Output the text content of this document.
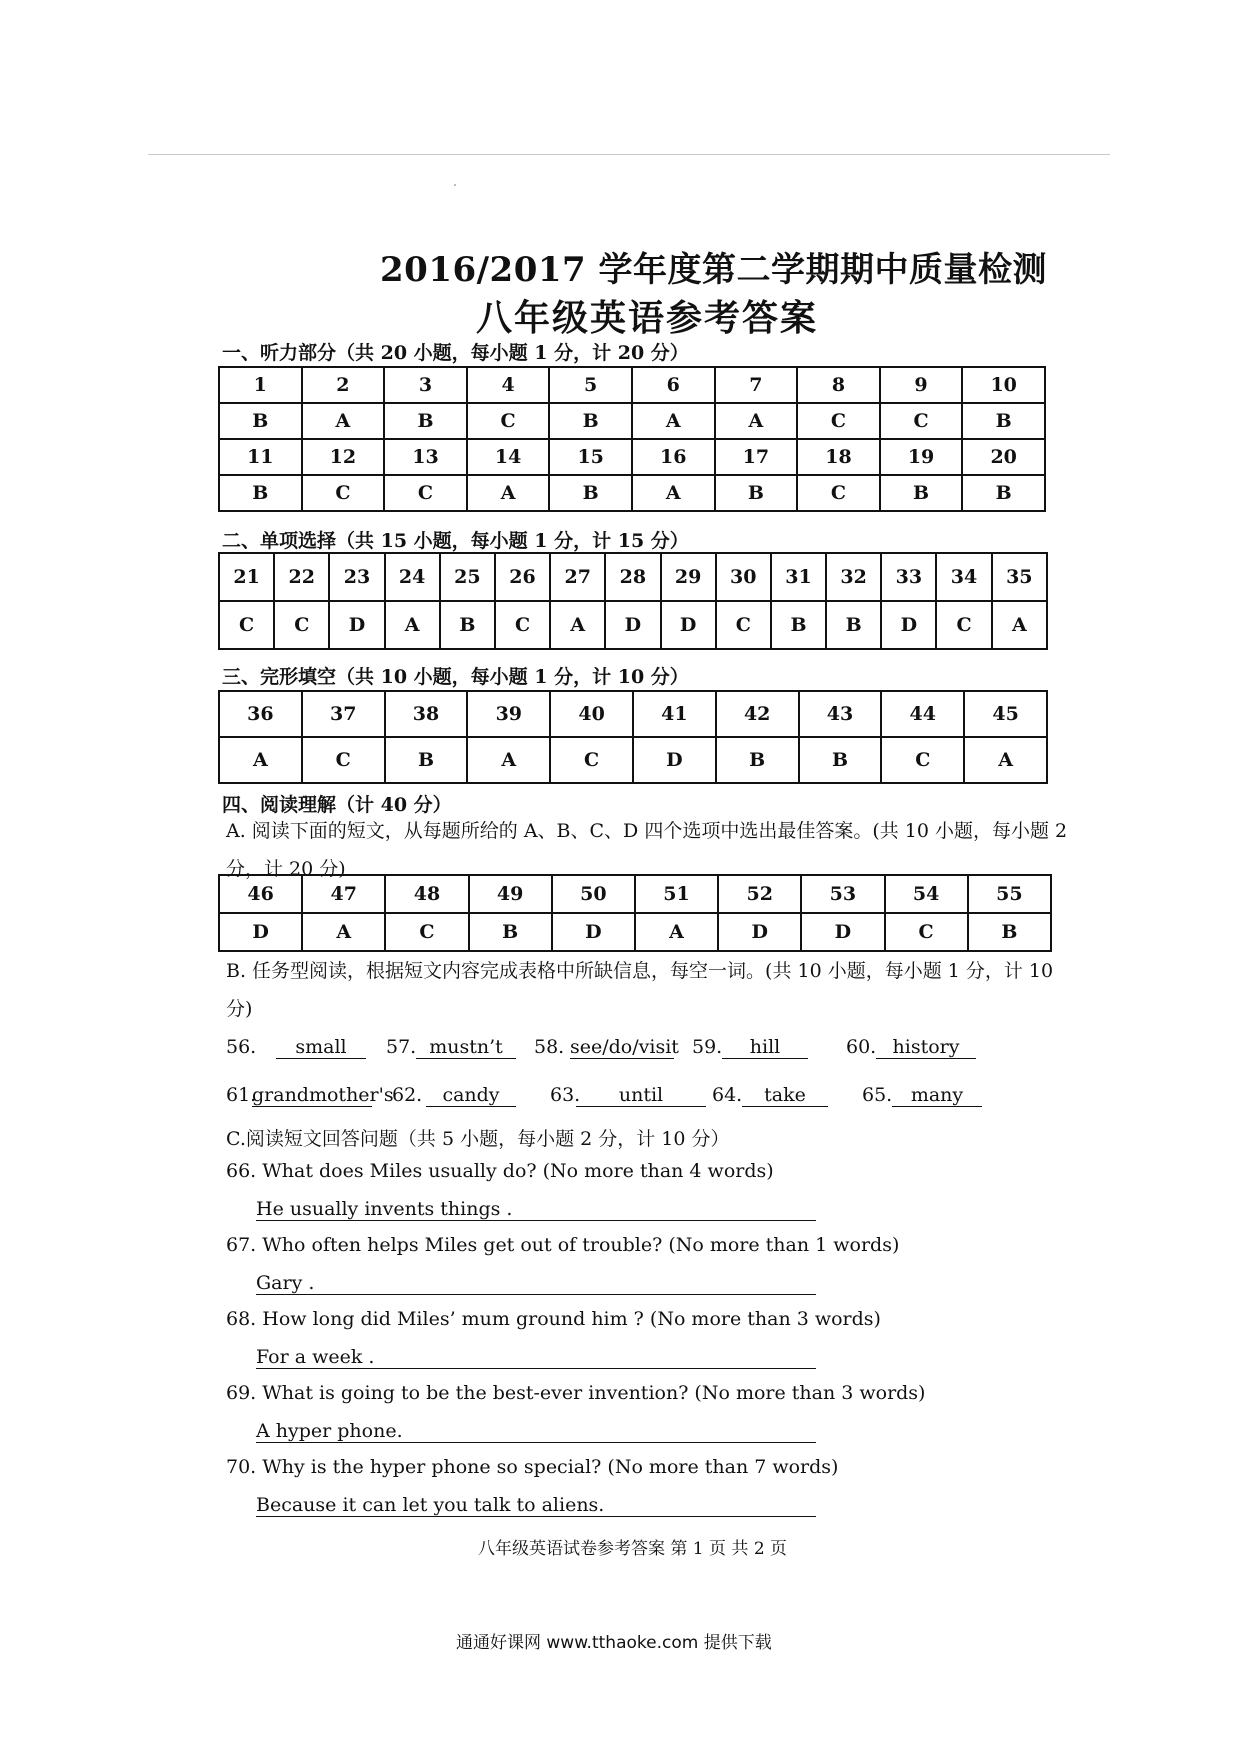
2016/2017 学年度第二学期期中质量检测
八年级英语参考答案
一、听力部分（共 20 小题，每小题 1 分，计 20 分）
1	2	3	4	5	6	7	8	9	10
B	A	B	C	B	A	A	C	C	B
11	12	13	14	15	16	17	18	19	20
B	C	C	A	B	A	B	C	B	B
二、单项选择（共 15 小题，每小题 1 分，计 15 分）
21	22	23	24	25	26	27	28	29	30	31	32	33	34	35
C	C	D	A	B	C	A	D	D	C	B	B	D	C	A
三、完形填空（共 10 小题，每小题 1 分，计 10 分）
36	37	38	39	40	41	42	43	44	45
A	C	B	A	C	D	B	B	C	A
四、阅读理解（计 40 分）
A. 阅读下面的短文，从每题所给的 A、B、C、D 四个选项中选出最佳答案。(共 10 小题，每小题 2 分，计 20 分)
46	47	48	49	50	51	52	53	54	55
D	A	C	B	D	A	D	D	C	B
B. 任务型阅读，根据短文内容完成表格中所缺信息，每空一词。(共 10 小题，每小题 1 分，计 10 分)
56. small	57. mustn’t	58. see/do/visit 59. hill	60. history
61.grandmother's
62. candy	63. until	64. take	65. many
C.阅读短文回答问题（共 5 小题，每小题 2 分，计 10 分）
66. What does Miles usually do? (No more than 4 words)
He usually invents things .
67. Who often helps Miles get out of trouble? (No more than 1 words)
Gary .
68. How long did Miles’ mum ground him ? (No more than 3 words)
For a week .
69. What is going to be the best-ever invention? (No more than 3 words)
A hyper phone.
70. Why is the hyper phone so special? (No more than 7 words)
Because it can let you talk to aliens.
八年级英语试卷参考答案 第 1 页 共 2 页
通通好课网 www.tthaoke.com 提供下载
